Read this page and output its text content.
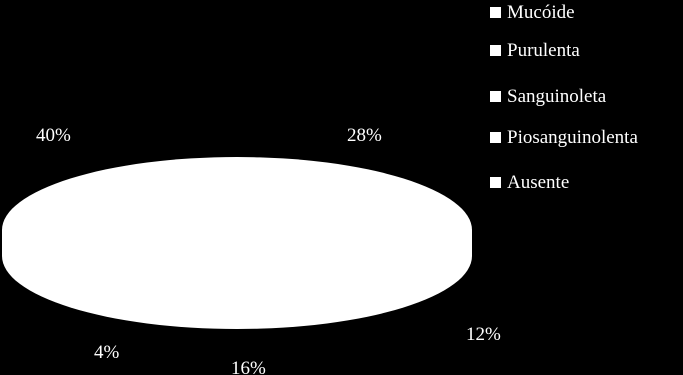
28%
12%
16%
4%
40%
Mucóide
Purulenta
Sanguinoleta
Piosanguinolenta
Ausente
